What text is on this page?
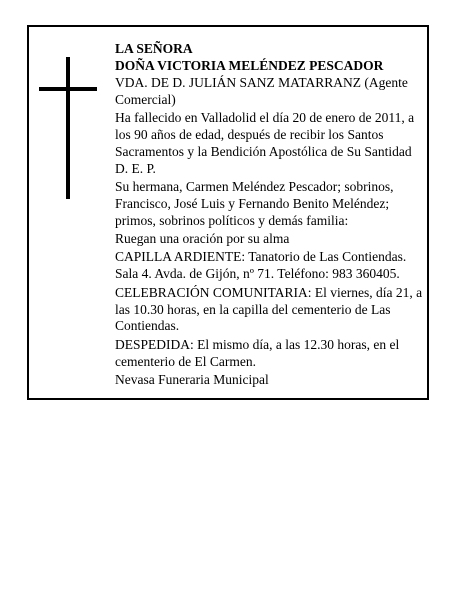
LA SEÑORA

DOÑA VICTORIA MELÉNDEZ PESCADOR

VDA. DE D. JULIÁN SANZ MATARRANZ (Agente Comercial)

Ha fallecido en Valladolid el día 20 de enero de 2011, a los 90 años de edad, después de recibir los Santos Sacramentos y la Bendición Apostólica de Su Santidad D. E. P.

Su hermana, Carmen Meléndez Pescador; sobrinos, Francisco, José Luis y Fernando Benito Meléndez; primos, sobrinos políticos y demás familia:

Ruegan una oración por su alma

CAPILLA ARDIENTE: Tanatorio de Las Contiendas. Sala 4. Avda. de Gijón, nº 71. Teléfono: 983 360405.

CELEBRACIÓN COMUNITARIA: El viernes, día 21, a las 10.30 horas, en la capilla del cementerio de Las Contiendas.

DESPEDIDA: El mismo día, a las 12.30 horas, en el cementerio de El Carmen.

Nevasa Funeraria Municipal
